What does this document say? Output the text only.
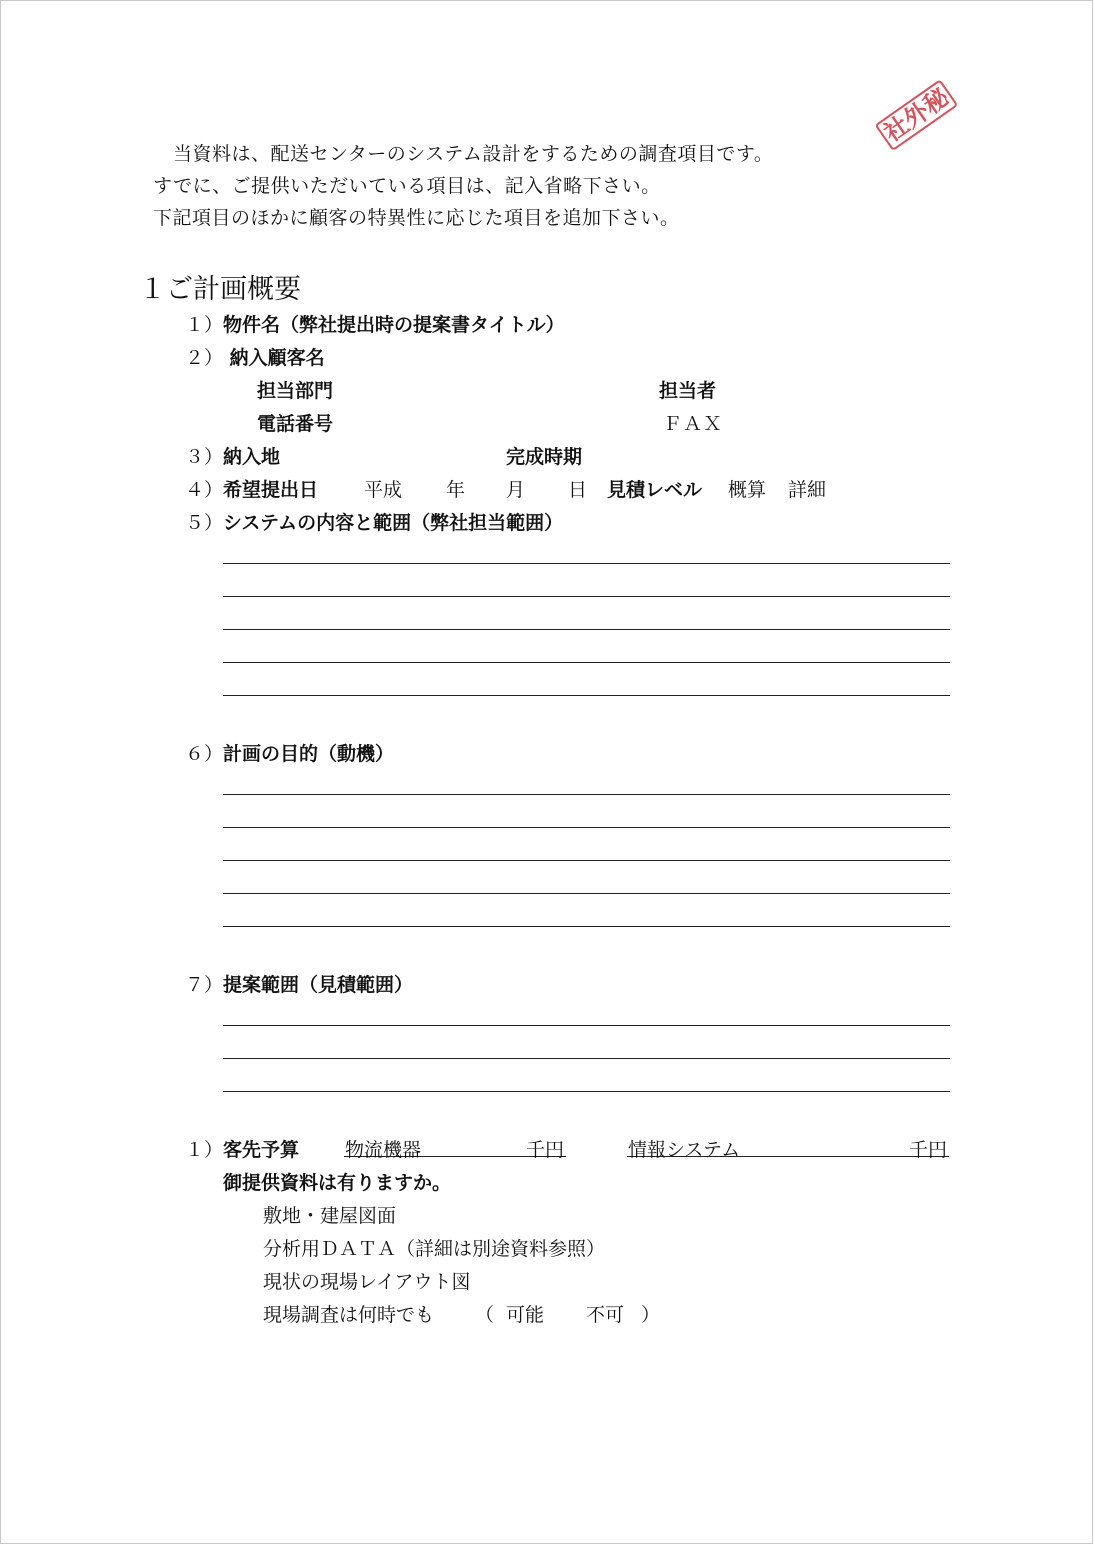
社外秘
当資料は、配送センターのシステム設計をするための調査項目です。
すでに、ご提供いただいている項目は、記入省略下さい。
下記項目のほかに顧客の特異性に応じた項目を追加下さい。
１ご計画概要
１）物件名（弊社提出時の提案書タイトル）
２） 納入顧客名
担当部門	担当者
電話番号	ＦＡＸ
３）納入地	完成時期
４）希望提出日 平成 年 月 日 見積レベル 概算 詳細
５）システムの内容と範囲（弊社担当範囲）
６）計画の目的（動機）
７）提案範囲（見積範囲）
１）客先予算 物流機器	千円	情報システム	千円
御提供資料は有りますか。
敷地・建屋図面
分析用ＤＡＴＡ（詳細は別途資料参照）
現状の現場レイアウト図
現場調査は何時でも （ 可能 不可 ）
